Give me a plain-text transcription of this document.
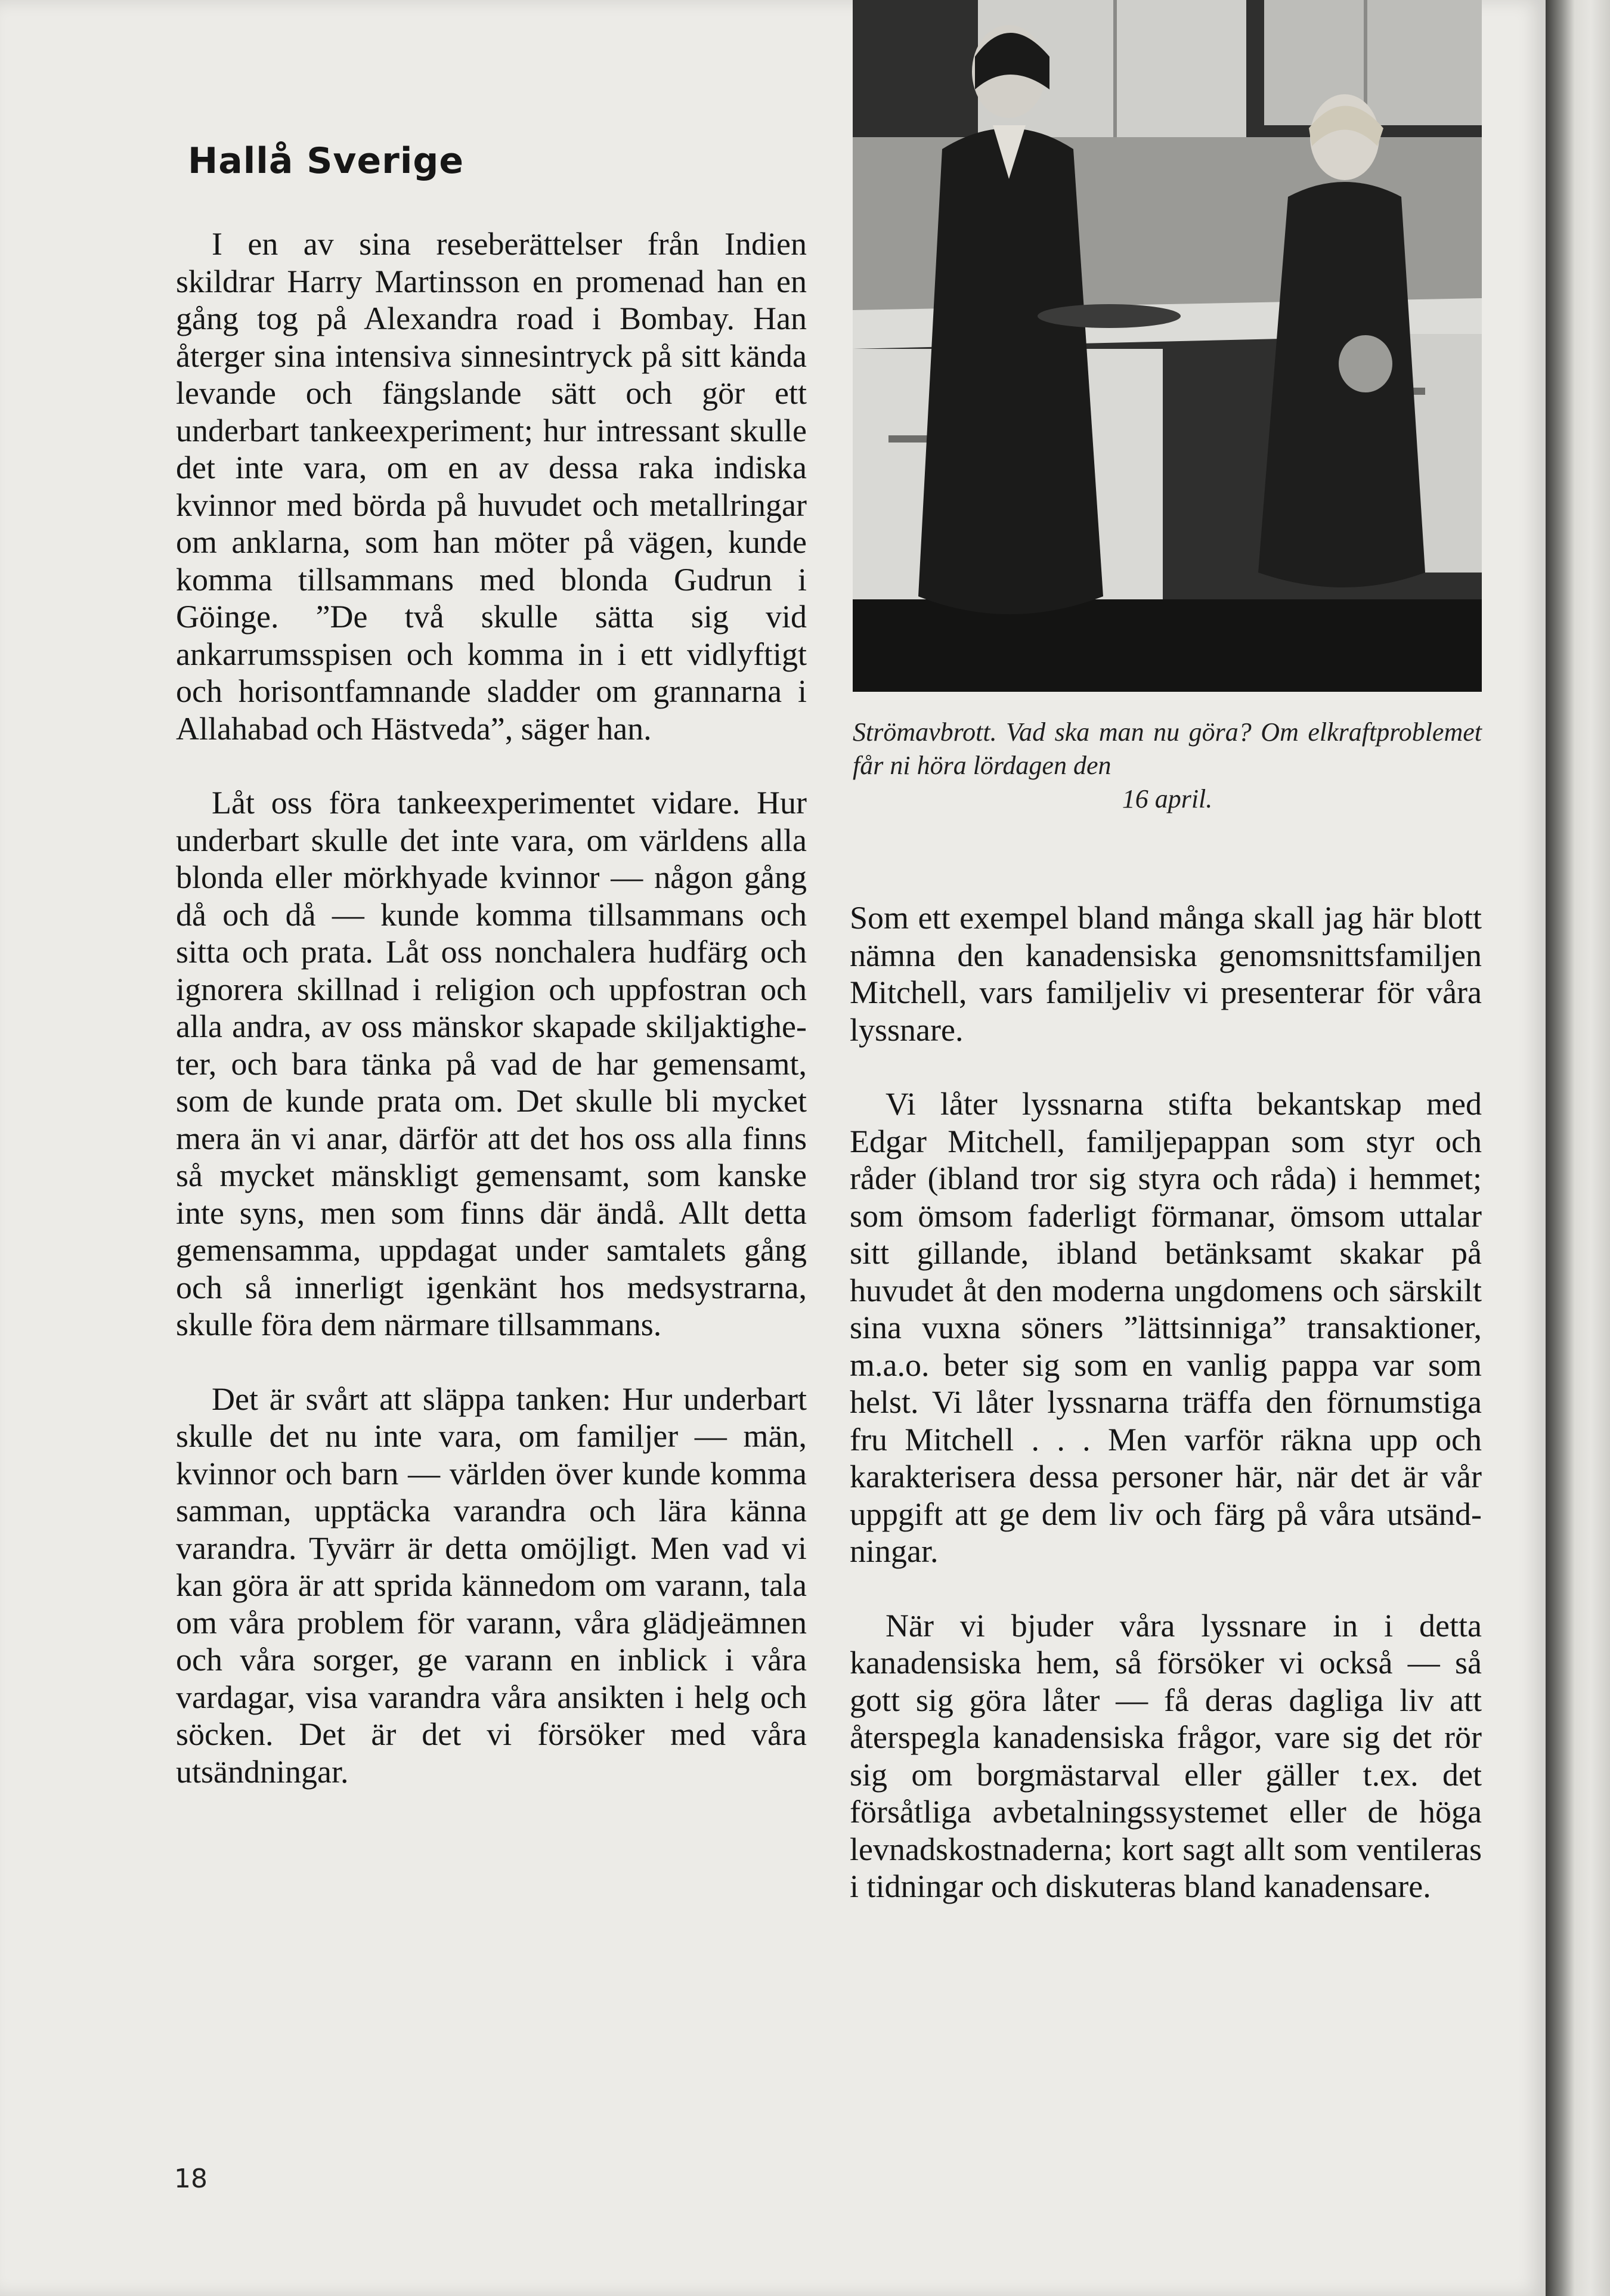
Hallå Sverige

I en av sina reseberättelser från Indien skildrar Harry Martinsson en promenad han en gång tog på Alexandra road i Bombay. Han återger sina intensiva sinnesintryck på sitt kända levande och fängslande sätt och gör ett underbart tankeexperiment; hur intressant skulle det inte vara, om en av dessa raka indiska kvinnor med börda på huvudet och metallringar om anklarna, som han möter på vägen, kunde komma tillsammans med blonda Gudrun i Göinge. ”De två skulle sätta sig vid ankarrumsspisen och komma in i ett vidlyftigt och horisontfamnande sladder om grannarna i Allahabad och Hästveda”, säger han.

Låt oss föra tankeexperimentet vidare. Hur underbart skulle det inte vara, om världens alla blonda eller mörkhyade kvinnor — någon gång då och då — kunde komma tillsammans och sitta och prata. Låt oss nonchalera hudfärg och ignorera skillnad i religion och uppfostran och alla andra, av oss mänskor skapade skiljaktigheter, och bara tänka på vad de har gemensamt, som de kunde prata om. Det skulle bli mycket mera än vi anar, därför att det hos oss alla finns så mycket mänskligt gemensamt, som kanske inte syns, men som finns där ändå. Allt detta gemensamma, uppdagat under samtalets gång och så innerligt igenkänt hos medsystrarna, skulle föra dem närmare tillsammans.

Det är svårt att släppa tanken: Hur underbart skulle det nu inte vara, om familjer — män, kvinnor och barn — världen över kunde komma samman, upptäcka varandra och lära känna varandra. Tyvärr är detta omöjligt. Men vad vi kan göra är att sprida kännedom om varann, tala om våra problem för varann, våra glädjeämnen och våra sorger, ge varann en inblick i våra vardagar, visa varandra våra ansikten i helg och söcken. Det är det vi försöker med våra utsändningar.

Strömavbrott. Vad ska man nu göra? Om elkraftproblemet får ni höra lördagen den
16 april.

Som ett exempel bland många skall jag här blott nämna den kanadensiska genomsnittsfamiljen Mitchell, vars familjeliv vi presenterar för våra lyssnare.

Vi låter lyssnarna stifta bekantskap med Edgar Mitchell, familjepappan som styr och råder (ibland tror sig styra och råda) i hemmet; som ömsom faderligt förmanar, ömsom uttalar sitt gillande, ibland betänksamt skakar på huvudet åt den moderna ungdomens och särskilt sina vuxna söners ”lättsinniga” transaktioner, m.a.o. beter sig som en vanlig pappa var som helst. Vi låter lyssnarna träffa den förnumstiga fru Mitchell . . . Men varför räkna upp och karakterisera dessa personer här, när det är vår uppgift att ge dem liv och färg på våra utsändningar.

När vi bjuder våra lyssnare in i detta kanadensiska hem, så försöker vi också — så gott sig göra låter — få deras dagliga liv att återspegla kanadensiska frågor, vare sig det rör sig om borgmästarval eller gäller t.ex. det försåtliga avbetalningssystemet eller de höga levnadskostnaderna; kort sagt allt som ventileras i tidningar och diskuteras bland kanadensare.

18
